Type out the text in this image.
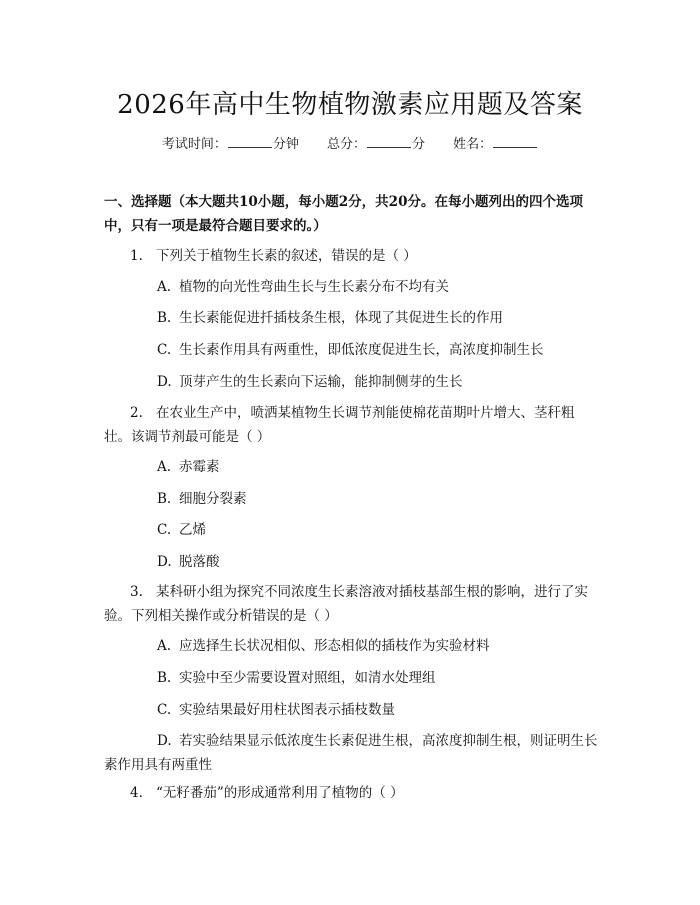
2026年高中生物植物激素应用题及答案
考试时间：	分钟 总分：	分 姓名：
一、选择题（本大题共10小题，每小题2分，共20分。在每小题列出的四个选项中，只有一项是最符合题目要求的。）
1. 下列关于植物生长素的叙述，错误的是（ ）
A. 植物的向光性弯曲生长与生长素分布不均有关
B. 生长素能促进扦插枝条生根，体现了其促进生长的作用
C. 生长素作用具有两重性，即低浓度促进生长，高浓度抑制生长
D. 顶芽产生的生长素向下运输，能抑制侧芽的生长
2. 在农业生产中，喷洒某植物生长调节剂能使棉花苗期叶片增大、茎秆粗壮。该调节剂最可能是（ ）
A. 赤霉素
B. 细胞分裂素
C. 乙烯
D. 脱落酸
3. 某科研小组为探究不同浓度生长素溶液对插枝基部生根的影响，进行了实验。下列相关操作或分析错误的是（ ）
A. 应选择生长状况相似、形态相似的插枝作为实验材料
B. 实验中至少需要设置对照组，如清水处理组
C. 实验结果最好用柱状图表示插枝数量
D. 若实验结果显示低浓度生长素促进生根，高浓度抑制生根，则证明生长素作用具有两重性
4. “无籽番茄”的形成通常利用了植物的（ ）
